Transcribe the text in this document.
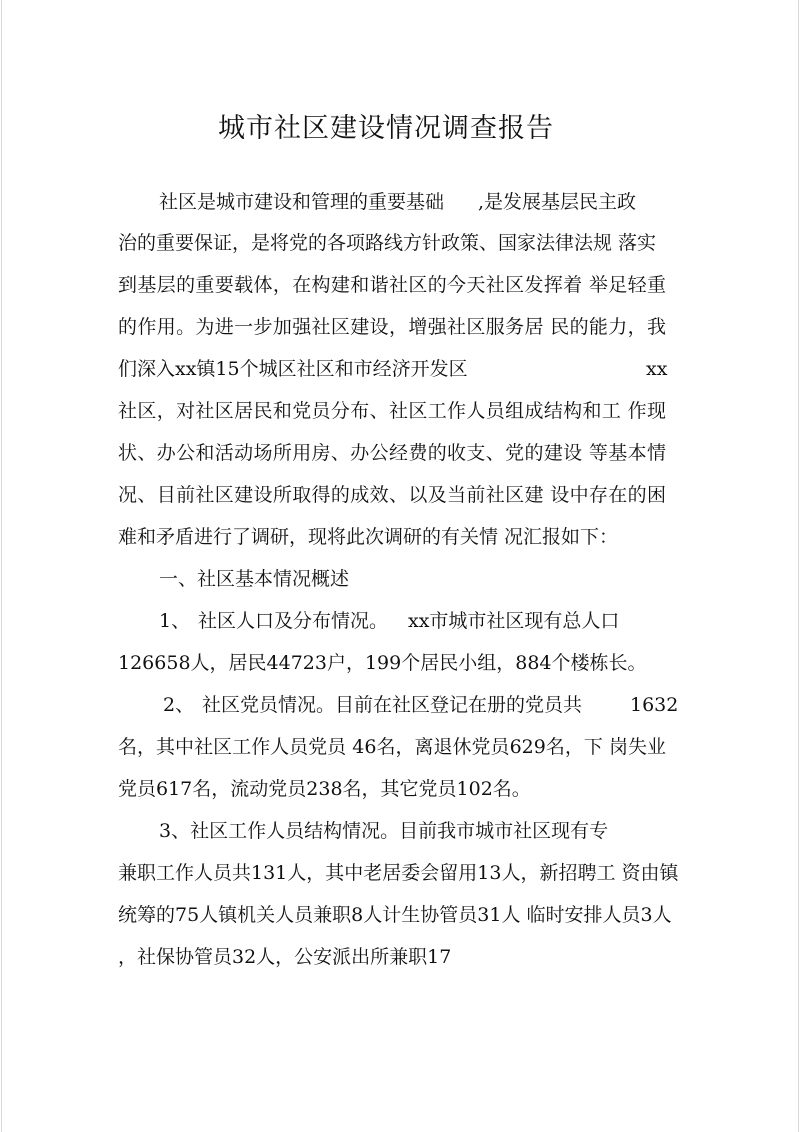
城市社区建设情况调查报告
社区是城市建设和管理的重要基础 ,是发展基层民主政
治的重要保证，是将党的各项路线方针政策、国家法律法规 落实
到基层的重要载体，在构建和谐社区的今天社区发挥着 举足轻重
的作用。为进一步加强社区建设，增强社区服务居 民的能力，我
们深入xx镇15个城区社区和市经济开发区	xx
社区，对社区居民和党员分布、社区工作人员组成结构和工 作现
状、办公和活动场所用房、办公经费的收支、党的建设 等基本情
况、目前社区建设所取得的成效、以及当前社区建 设中存在的困
难和矛盾进行了调研，现将此次调研的有关情 况汇报如下：
一、社区基本情况概述
1、 社区人口及分布情况。 xx市城市社区现有总人口
126658人，居民44723户，199个居民小组，884个楼栋长。
2、 社区党员情况。目前在社区登记在册的党员共	1632
名，其中社区工作人员党员 46名，离退休党员629名，下 岗失业
党员617名，流动党员238名，其它党员102名。
3、社区工作人员结构情况。目前我市城市社区现有专
兼职工作人员共131人，其中老居委会留用13人，新招聘工 资由镇
统筹的75人镇机关人员兼职8人计生协管员31人 临时安排人员3人
，社保协管员32人，公安派出所兼职17
